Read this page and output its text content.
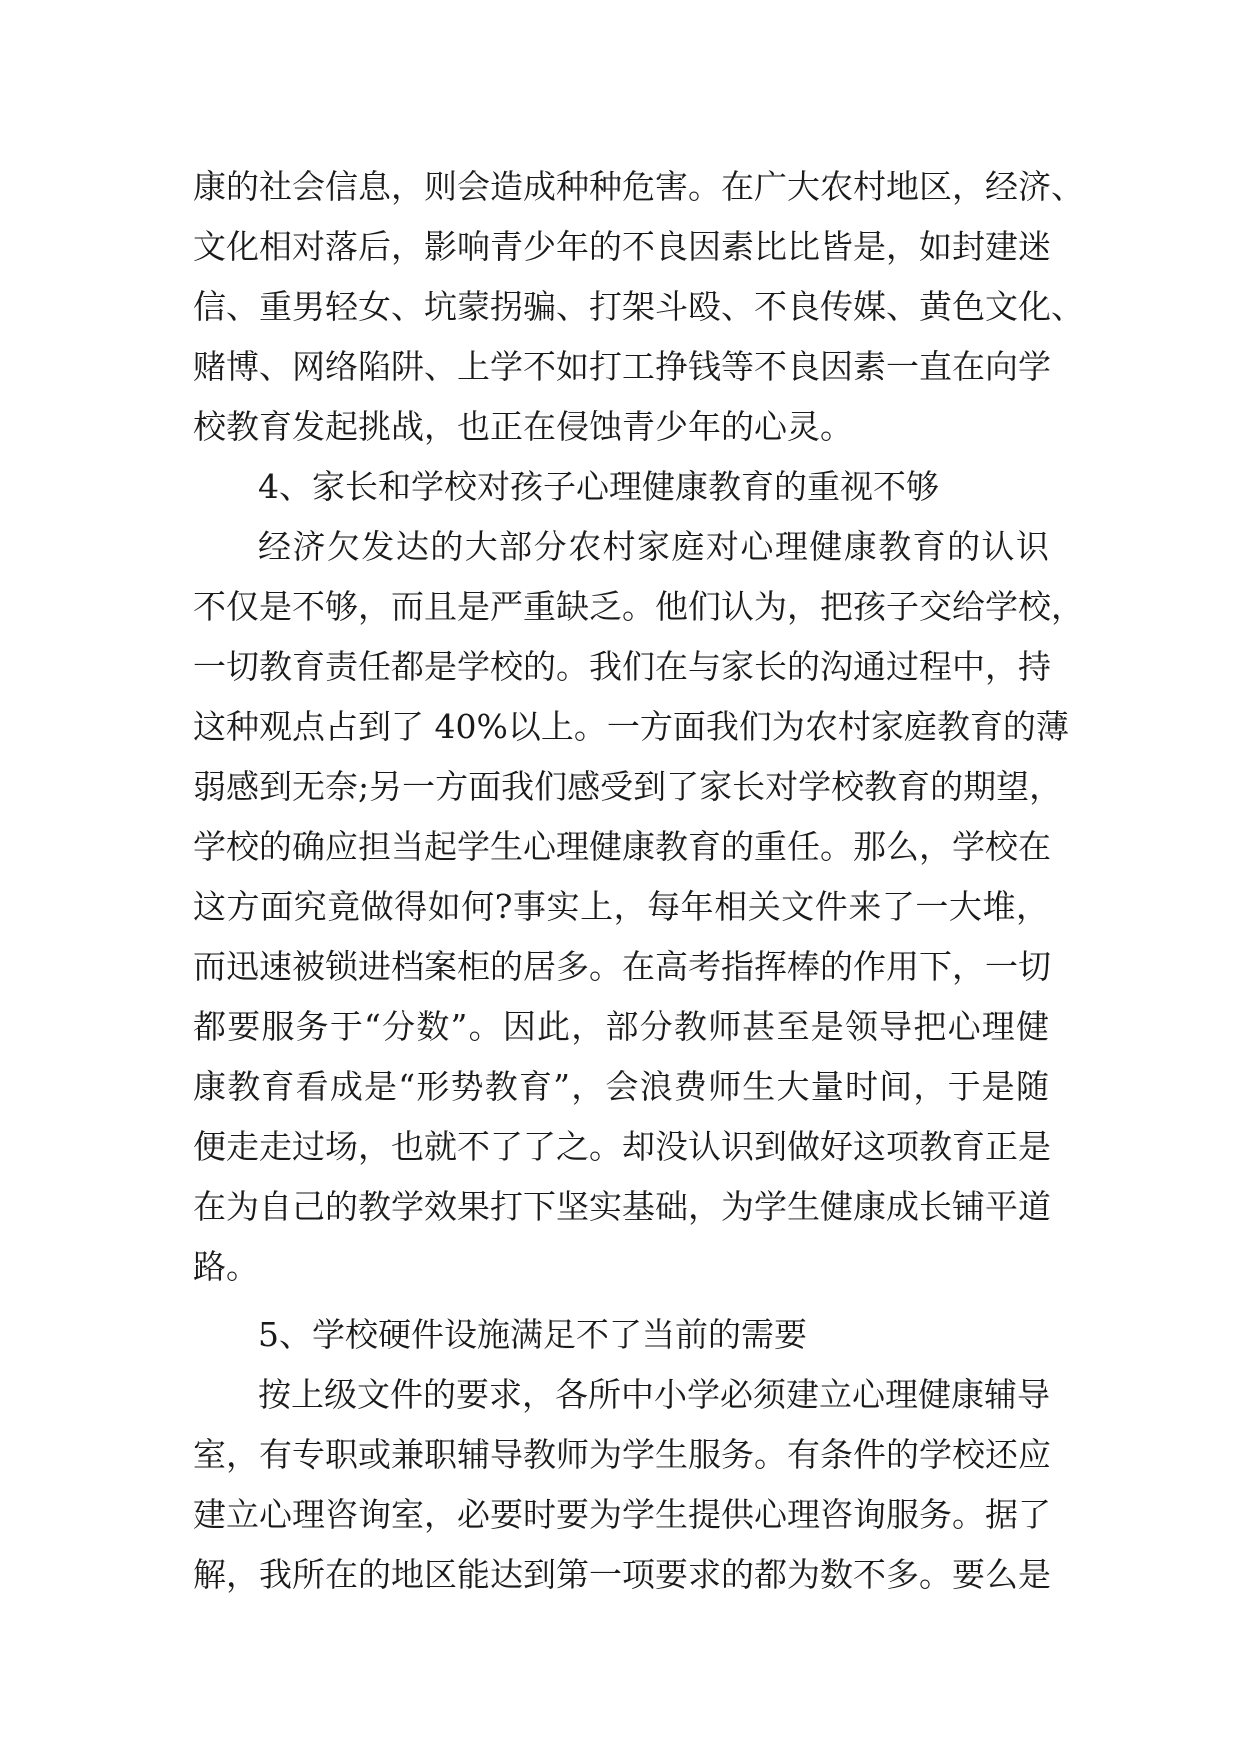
康的社会信息，则会造成种种危害。在广大农村地区，经济、
文化相对落后，影响青少年的不良因素比比皆是，如封建迷
信、重男轻女、坑蒙拐骗、打架斗殴、不良传媒、黄色文化、
赌博、网络陷阱、上学不如打工挣钱等不良因素一直在向学
校教育发起挑战，也正在侵蚀青少年的心灵。
4、家长和学校对孩子心理健康教育的重视不够
经济欠发达的大部分农村家庭对心理健康教育的认识
不仅是不够，而且是严重缺乏。他们认为，把孩子交给学校，
一切教育责任都是学校的。我们在与家长的沟通过程中，持
这种观点占到了 40%以上。一方面我们为农村家庭教育的薄
弱感到无奈;另一方面我们感受到了家长对学校教育的期望，
学校的确应担当起学生心理健康教育的重任。那么，学校在
这方面究竟做得如何?事实上，每年相关文件来了一大堆，
而迅速被锁进档案柜的居多。在高考指挥棒的作用下，一切
都要服务于“分数”。因此，部分教师甚至是领导把心理健
康教育看成是“形势教育”，会浪费师生大量时间，于是随
便走走过场，也就不了了之。却没认识到做好这项教育正是
在为自己的教学效果打下坚实基础，为学生健康成长铺平道
路。
5、学校硬件设施满足不了当前的需要
按上级文件的要求，各所中小学必须建立心理健康辅导
室，有专职或兼职辅导教师为学生服务。有条件的学校还应
建立心理咨询室，必要时要为学生提供心理咨询服务。据了
解，我所在的地区能达到第一项要求的都为数不多。要么是
